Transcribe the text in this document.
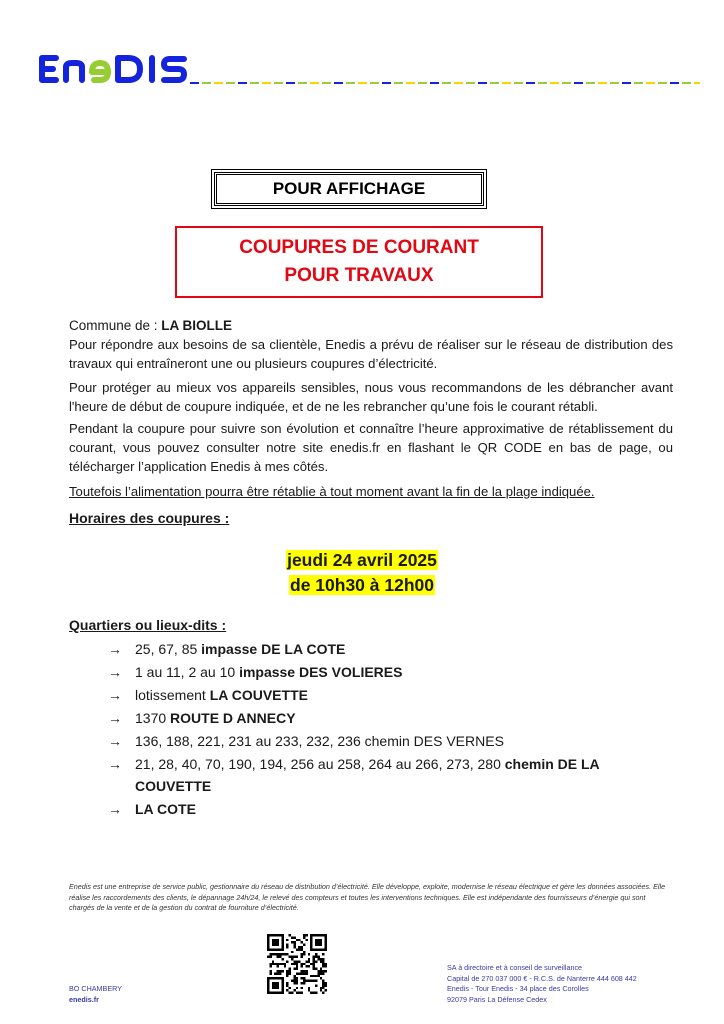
POUR AFFICHAGE
COUPURES DE COURANT
POUR TRAVAUX
Commune de : LA BIOLLE
Pour répondre aux besoins de sa clientèle, Enedis a prévu de réaliser sur le réseau de distribution des travaux qui entraîneront une ou plusieurs coupures d’électricité.
Pour protéger au mieux vos appareils sensibles, nous vous recommandons de les débrancher avant l'heure de début de coupure indiquée, et de ne les rebrancher qu’une fois le courant rétabli.
Pendant la coupure pour suivre son évolution et connaître l’heure approximative de rétablissement du courant, vous pouvez consulter notre site enedis.fr en flashant le QR CODE en bas de page, ou télécharger l’application Enedis à mes côtés.
Toutefois l’alimentation pourra être rétablie à tout moment avant la fin de la plage indiquée.
Horaires des coupures :
jeudi 24 avril 2025
de 10h30 à 12h00
Quartiers ou lieux-dits :
→ 25, 67, 85 impasse DE LA COTE
→ 1 au 11, 2 au 10 impasse DES VOLIERES
→ lotissement LA COUVETTE
→ 1370 ROUTE D ANNECY
→ 136, 188, 221, 231 au 233, 232, 236 chemin DES VERNES
→ 21, 28, 40, 70, 190, 194, 256 au 258, 264 au 266, 273, 280 chemin DE LA COUVETTE
→ LA COTE
Enedis est une entreprise de service public, gestionnaire du réseau de distribution d’électricité. Elle développe, exploite, modernise le réseau électrique et gère les données associées. Elle réalise les raccordements des clients, le dépannage 24h/24, le relevé des compteurs et toutes les interventions techniques. Elle est indépendante des fournisseurs d’énergie qui sont chargés de la vente et de la gestion du contrat de fourniture d’électricité.
SA à directoire et à conseil de surveillance
Capital de 270 037 000 € - R.C.S. de Nanterre 444 608 442
Enedis - Tour Enedis - 34 place des Corolles
92079 Paris La Défense Cedex
BO CHAMBERY
enedis.fr
